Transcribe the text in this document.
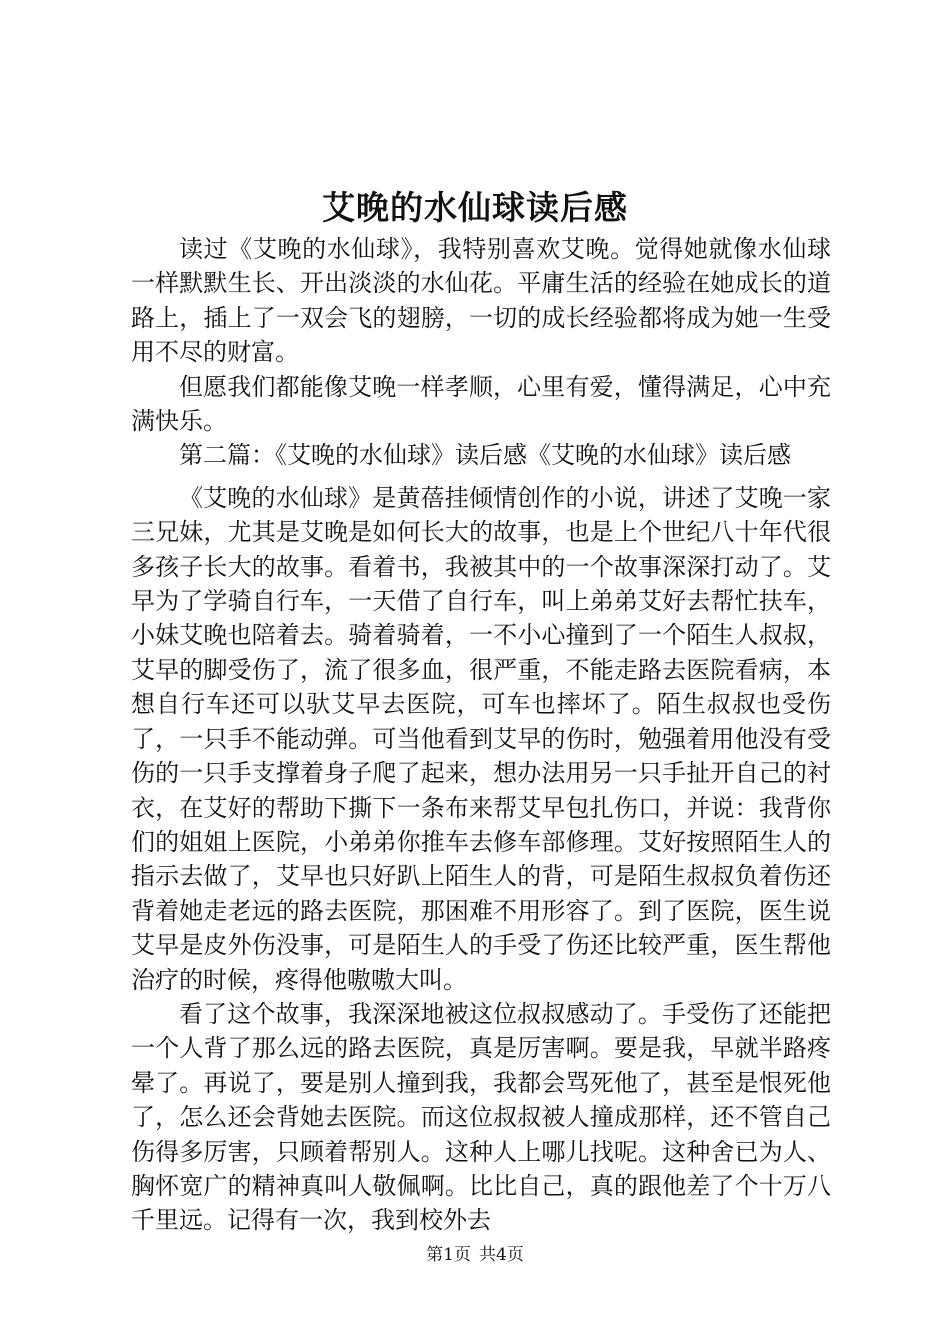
艾晚的水仙球读后感

读过《艾晚的水仙球》，我特别喜欢艾晚。觉得她就像水仙球一样默默生长、开出淡淡的水仙花。平庸生活的经验在她成长的道路上，插上了一双会飞的翅膀，一切的成长经验都将成为她一生受用不尽的财富。

但愿我们都能像艾晚一样孝顺，心里有爱，懂得满足，心中充满快乐。

第二篇：《艾晚的水仙球》读后感《艾晚的水仙球》读后感

《艾晚的水仙球》是黄蓓挂倾情创作的小说，讲述了艾晚一家三兄妹，尤其是艾晚是如何长大的故事，也是上个世纪八十年代很多孩子长大的故事。看着书，我被其中的一个故事深深打动了。艾早为了学骑自行车，一天借了自行车，叫上弟弟艾好去帮忙扶车，小妹艾晚也陪着去。骑着骑着，一不小心撞到了一个陌生人叔叔，艾早的脚受伤了，流了很多血，很严重，不能走路去医院看病，本想自行车还可以驮艾早去医院，可车也摔坏了。陌生叔叔也受伤了，一只手不能动弹。可当他看到艾早的伤时，勉强着用他没有受伤的一只手支撑着身子爬了起来，想办法用另一只手扯开自己的衬衣，在艾好的帮助下撕下一条布来帮艾早包扎伤口，并说：我背你们的姐姐上医院，小弟弟你推车去修车部修理。艾好按照陌生人的指示去做了，艾早也只好趴上陌生人的背，可是陌生叔叔负着伤还背着她走老远的路去医院，那困难不用形容了。到了医院，医生说艾早是皮外伤没事，可是陌生人的手受了伤还比较严重，医生帮他治疗的时候，疼得他嗷嗷大叫。

看了这个故事，我深深地被这位叔叔感动了。手受伤了还能把一个人背了那么远的路去医院，真是厉害啊。要是我，早就半路疼晕了。再说了，要是别人撞到我，我都会骂死他了，甚至是恨死他了，怎么还会背她去医院。而这位叔叔被人撞成那样，还不管自己伤得多厉害，只顾着帮别人。这种人上哪儿找呢。这种舍已为人、胸怀宽广的精神真叫人敬佩啊。比比自己，真的跟他差了个十万八千里远。记得有一次，我到校外去

第1页 共4页
